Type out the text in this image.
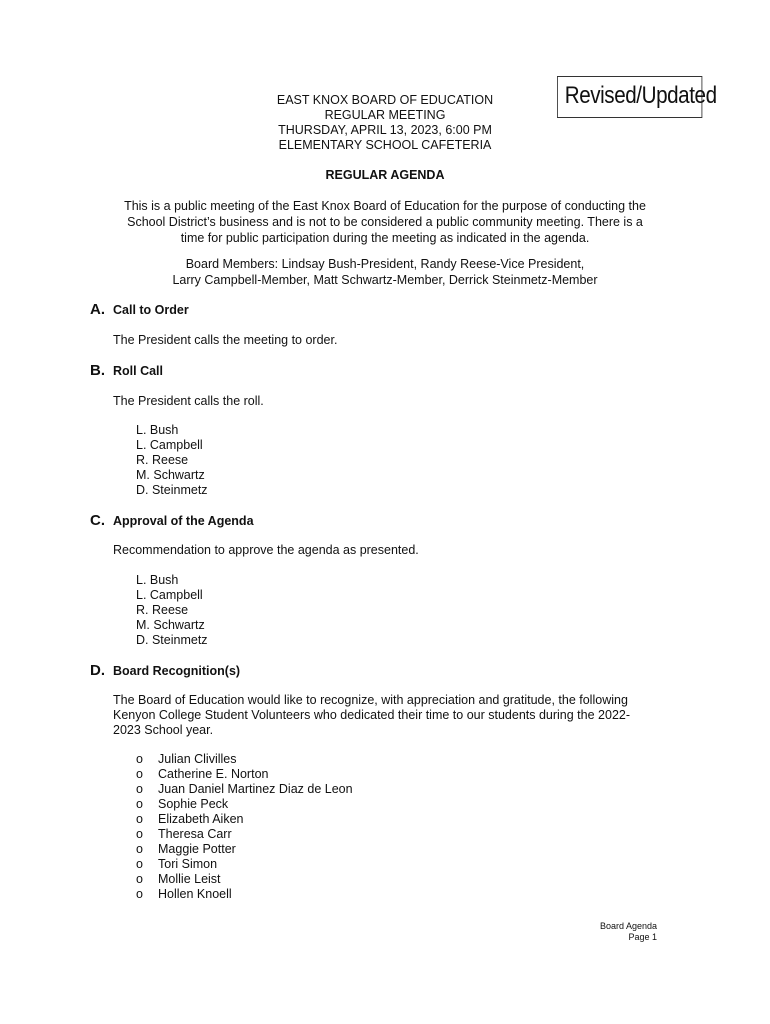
Revised/Updated
EAST KNOX BOARD OF EDUCATION
REGULAR MEETING
THURSDAY, APRIL 13, 2023, 6:00 PM
ELEMENTARY SCHOOL CAFETERIA
REGULAR AGENDA
This is a public meeting of the East Knox Board of Education for the purpose of conducting the School District’s business and is not to be considered a public community meeting. There is a time for public participation during the meeting as indicated in the agenda.
Board Members: Lindsay Bush-President, Randy Reese-Vice President,
Larry Campbell-Member, Matt Schwartz-Member, Derrick Steinmetz-Member
A. Call to Order
The President calls the meeting to order.
B. Roll Call
The President calls the roll.
L. Bush
L. Campbell
R. Reese
M. Schwartz
D. Steinmetz
C. Approval of the Agenda
Recommendation to approve the agenda as presented.
L. Bush
L. Campbell
R. Reese
M. Schwartz
D. Steinmetz
D. Board Recognition(s)
The Board of Education would like to recognize, with appreciation and gratitude, the following Kenyon College Student Volunteers who dedicated their time to our students during the 2022-2023 School year.
o	Julian Clivilles
o	Catherine E. Norton
o	Juan Daniel Martinez Diaz de Leon
o	Sophie Peck
o	Elizabeth Aiken
o	Theresa Carr
o	Maggie Potter
o	Tori Simon
o	Mollie Leist
o	Hollen Knoell
Board Agenda
Page 1
